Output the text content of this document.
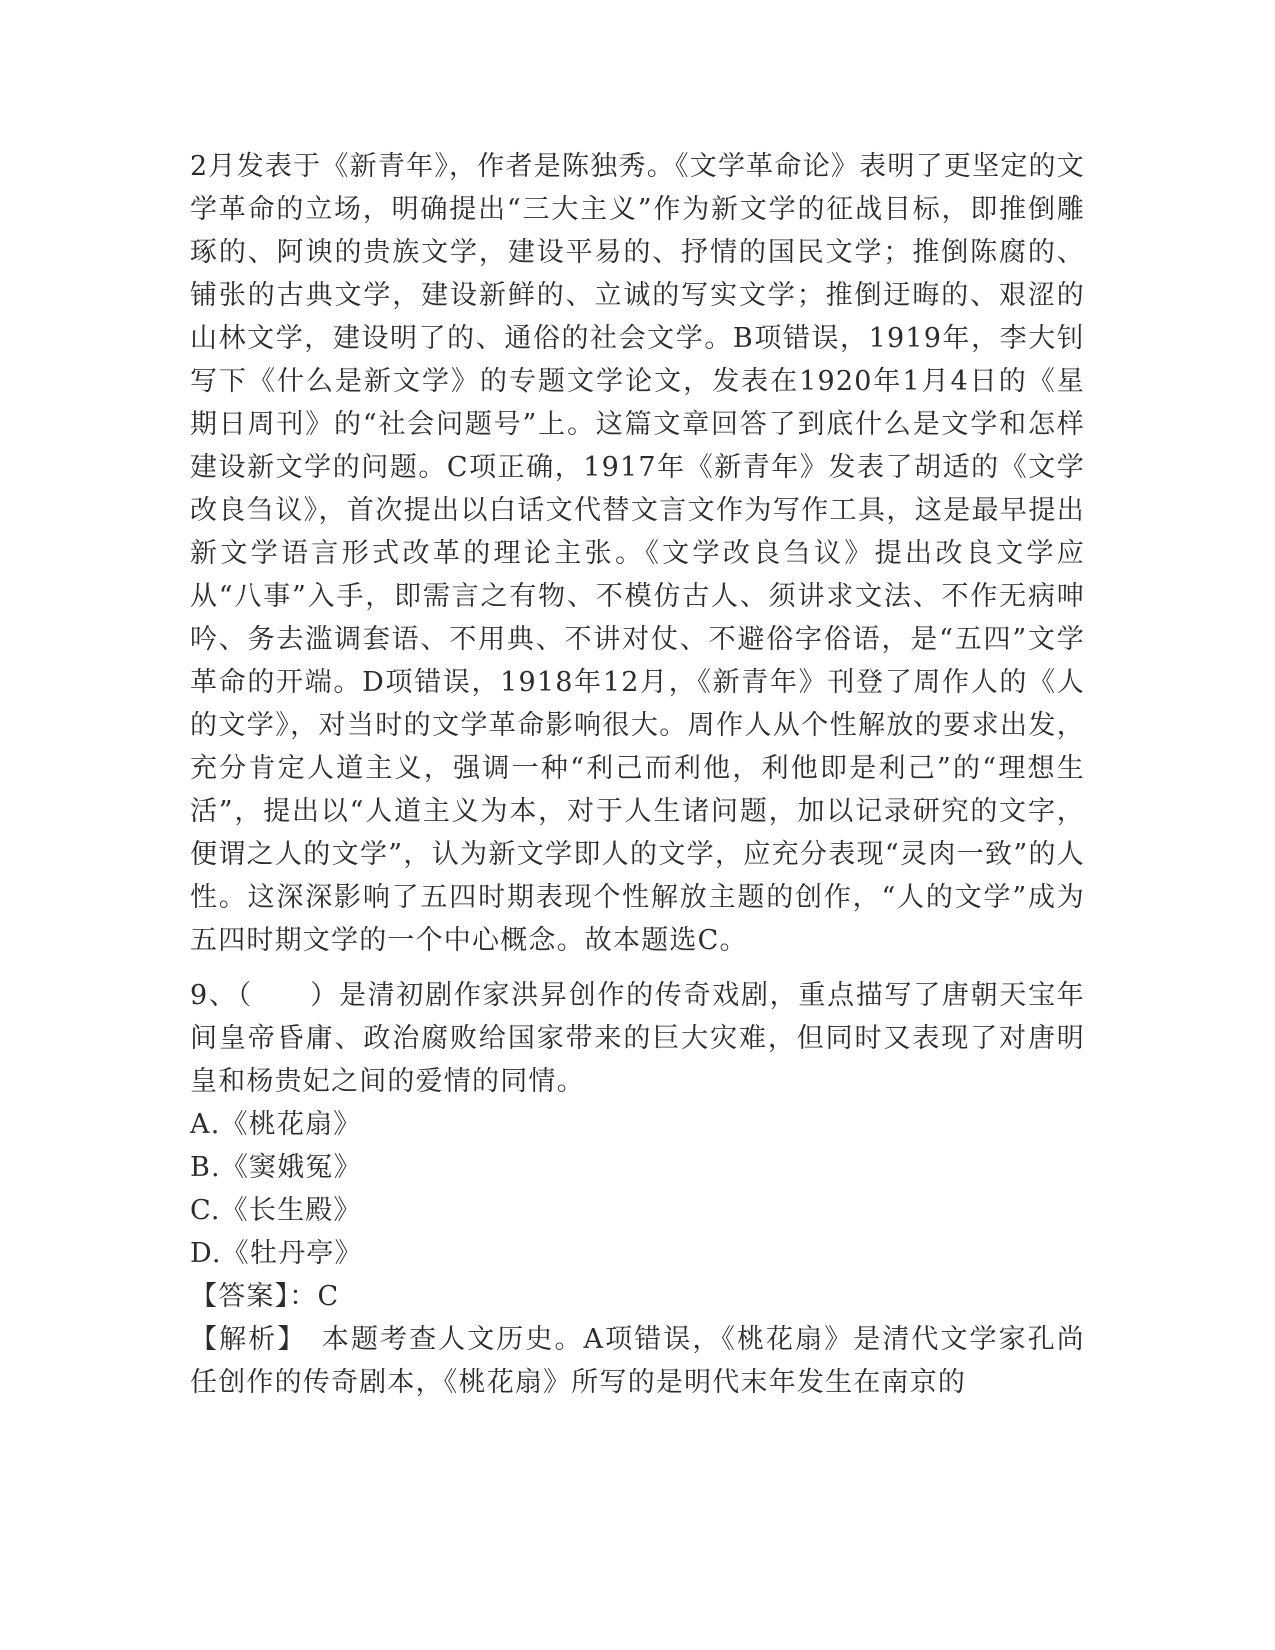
2月发表于《新青年》，作者是陈独秀。《文学革命论》表明了更坚定的文学革命的立场，明确提出“三大主义”作为新文学的征战目标，即推倒雕琢的、阿谀的贵族文学，建设平易的、抒情的国民文学；推倒陈腐的、铺张的古典文学，建设新鲜的、立诚的写实文学；推倒迂晦的、艰涩的山林文学，建设明了的、通俗的社会文学。B项错误，1919年，李大钊写下《什么是新文学》的专题文学论文，发表在1920年1月4日的《星期日周刊》的“社会问题号”上。这篇文章回答了到底什么是文学和怎样建设新文学的问题。C项正确，1917年《新青年》发表了胡适的《文学改良刍议》，首次提出以白话文代替文言文作为写作工具，这是最早提出新文学语言形式改革的理论主张。《文学改良刍议》提出改良文学应从“八事”入手，即需言之有物、不模仿古人、须讲求文法、不作无病呻吟、务去滥调套语、不用典、不讲对仗、不避俗字俗语，是“五四”文学革命的开端。D项错误，1918年12月，《新青年》刊登了周作人的《人的文学》，对当时的文学革命影响很大。周作人从个性解放的要求出发，充分肯定人道主义，强调一种“利己而利他，利他即是利己”的“理想生活”，提出以“人道主义为本，对于人生诸问题，加以记录研究的文字，便谓之人的文学”，认为新文学即人的文学，应充分表现“灵肉一致”的人性。这深深影响了五四时期表现个性解放主题的创作，“人的文学”成为五四时期文学的一个中心概念。故本题选C。

9、（　　）是清初剧作家洪昇创作的传奇戏剧，重点描写了唐朝天宝年间皇帝昏庸、政治腐败给国家带来的巨大灾难，但同时又表现了对唐明皇和杨贵妃之间的爱情的同情。

A.《桃花扇》
B.《窦娥冤》
C.《长生殿》
D.《牡丹亭》

【答案】：C

【解析】　本题考查人文历史。A项错误，《桃花扇》是清代文学家孔尚任创作的传奇剧本，《桃花扇》所写的是明代末年发生在南京的
